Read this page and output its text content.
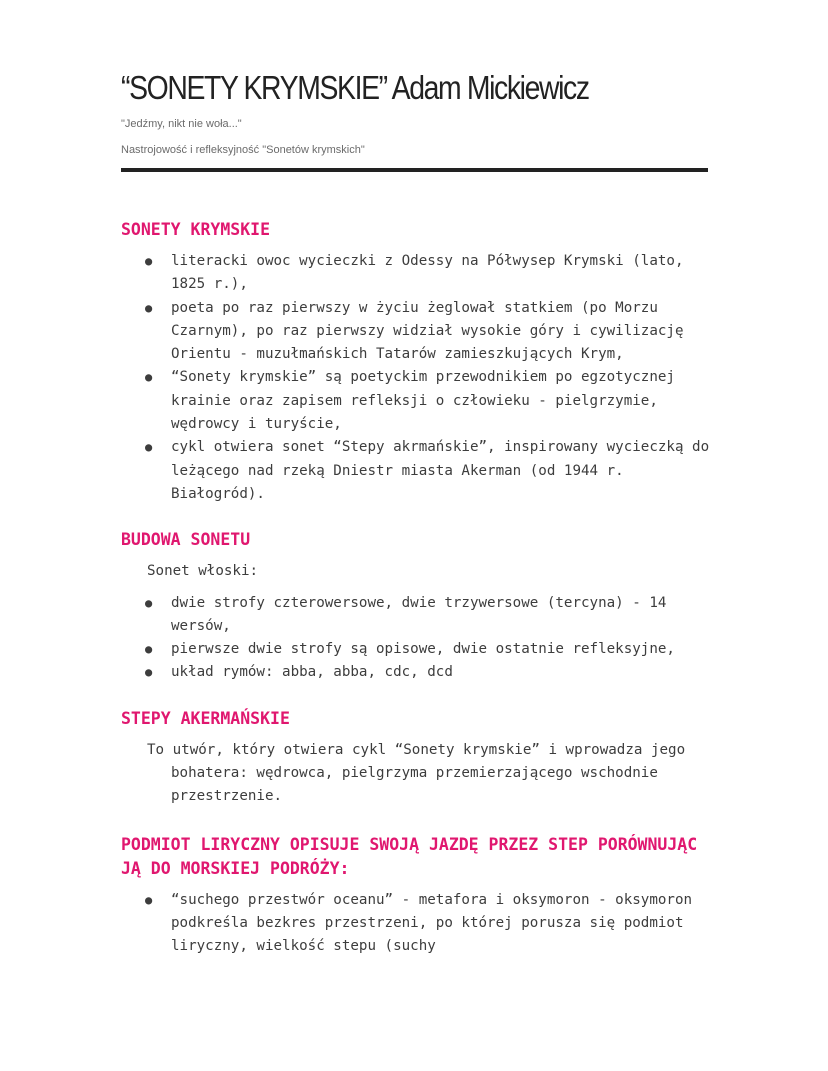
“SONETY KRYMSKIE” Adam Mickiewicz
"Jedźmy, nikt nie woła..."
Nastrojowość i refleksyjność "Sonetów krymskich"
SONETY KRYMSKIE
● literacki owoc wycieczki z Odessy na Półwysep Krymski (lato, 1825 r.),
● poeta po raz pierwszy w życiu żeglował statkiem (po Morzu Czarnym), po raz pierwszy widział wysokie góry i cywilizację Orientu - muzułmańskich Tatarów zamieszkujących Krym,
● “Sonety krymskie” są poetyckim przewodnikiem po egzotycznej krainie oraz zapisem refleksji o człowieku - pielgrzymie, wędrowcy i turyście,
● cykl otwiera sonet “Stepy akrmańskie”, inspirowany wycieczką do leżącego nad rzeką Dniestr miasta Akerman (od 1944 r. Białogród).
BUDOWA SONETU

Sonet włoski:

● dwie strofy czterowersowe, dwie trzywersowe (tercyna) - 14 wersów,
● pierwsze dwie strofy są opisowe, dwie ostatnie refleksyjne,
● układ rymów: abba, abba, cdc, dcd
STEPY AKERMAŃSKIE

To utwór, który otwiera cykl “Sonety krymskie” i wprowadza jego bohatera: wędrowca, pielgrzyma przemierzającego wschodnie przestrzenie.

PODMIOT LIRYCZNY OPISUJE SWOJĄ JAZDĘ PRZEZ STEP PORÓWNUJĄC JĄ DO MORSKIEJ PODRÓŻY:
● “suchego przestwór oceanu” - metafora i oksymoron - oksymoron podkreśla bezkres przestrzeni, po której porusza się podmiot liryczny, wielkość stepu (suchy
